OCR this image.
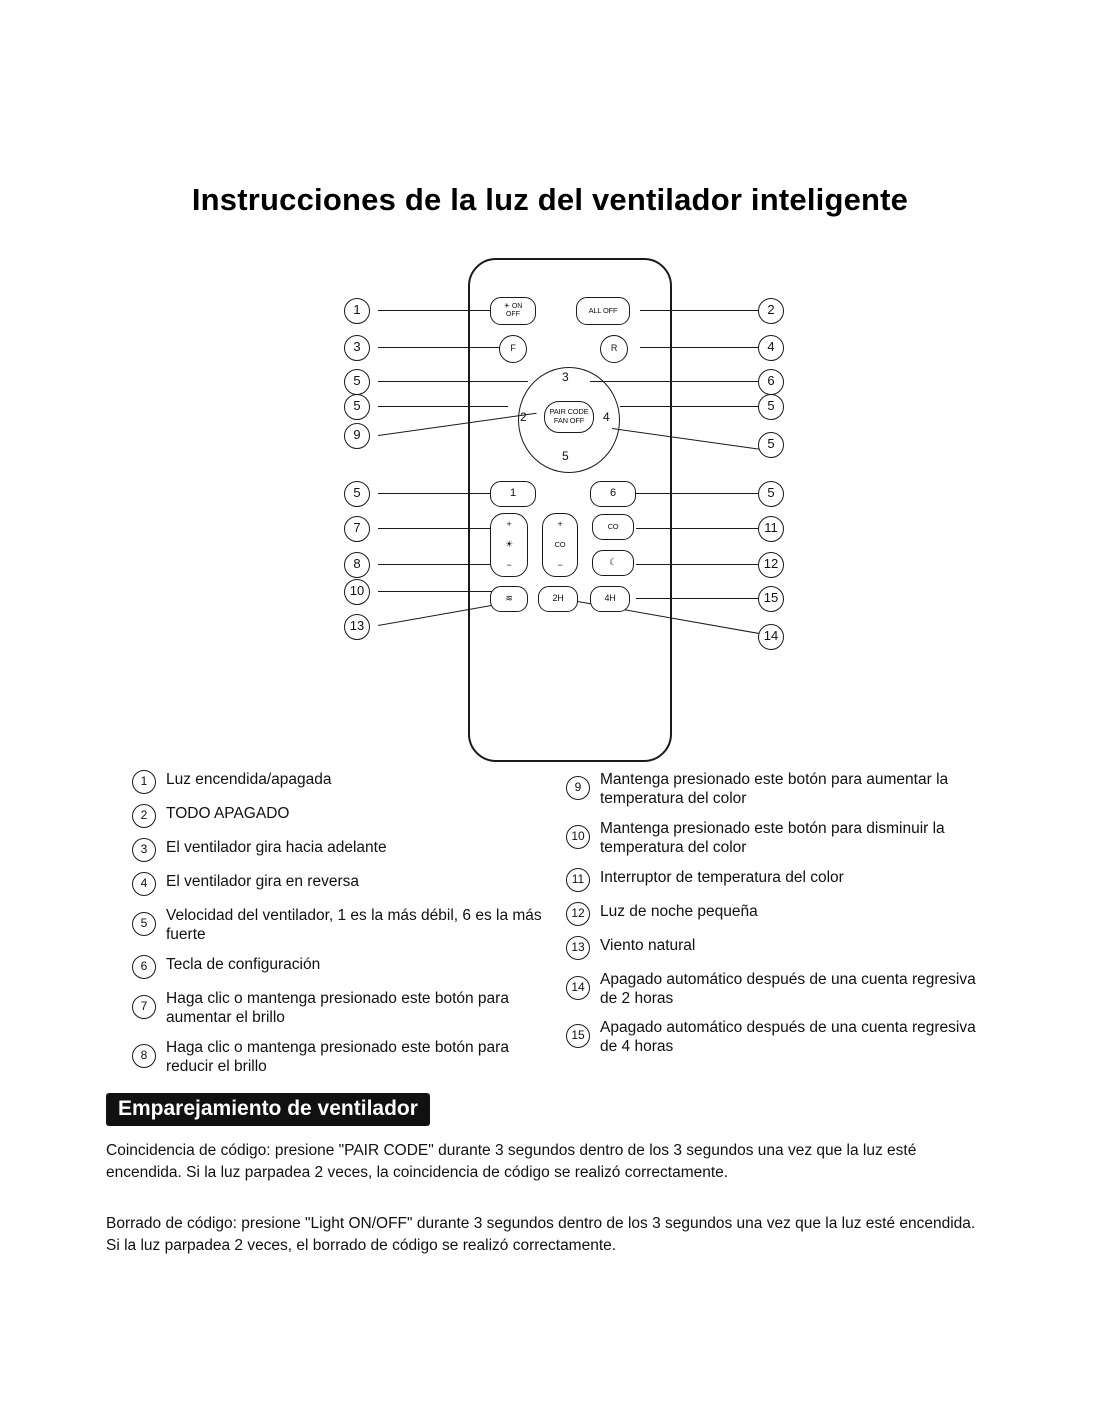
Instrucciones de la luz del ventilador inteligente
1
3
5
5
9
5
7
8
10
13
2
4
6
5
5
5
11
12
15
14
☀ ON
OFF	ALL OFF
F	R
PAIR CODE
FAN OFF
3
2	4
5
1	6
+
☀
−
+
CO
−
CO
☾
≋	2H	4H
1	Luz encendida/apagada
2	TODO APAGADO
3	El ventilador gira hacia adelante
4	El ventilador gira en reversa
5	Velocidad del ventilador, 1 es la más débil, 6 es la más fuerte
6	Tecla de configuración
7	Haga clic o mantenga presionado este botón para aumentar el brillo
8	Haga clic o mantenga presionado este botón para reducir el brillo
9	Mantenga presionado este botón para aumentar la temperatura del color
10 Mantenga presionado este botón para disminuir la temperatura del color
11	Interruptor de temperatura del color
12 Luz de noche pequeña
13 Viento natural
14 Apagado automático después de una cuenta regresiva de 2 horas
15 Apagado automático después de una cuenta regresiva de 4 horas
Emparejamiento de ventilador

Coincidencia de código: presione "PAIR CODE" durante 3 segundos dentro de los 3 segundos una vez que la luz esté encendida. Si la luz parpadea 2 veces, la coincidencia de código se realizó correctamente.

Borrado de código: presione "Light ON/OFF" durante 3 segundos dentro de los 3 segundos una vez que la luz esté encendida. Si la luz parpadea 2 veces, el borrado de código se realizó correctamente.
